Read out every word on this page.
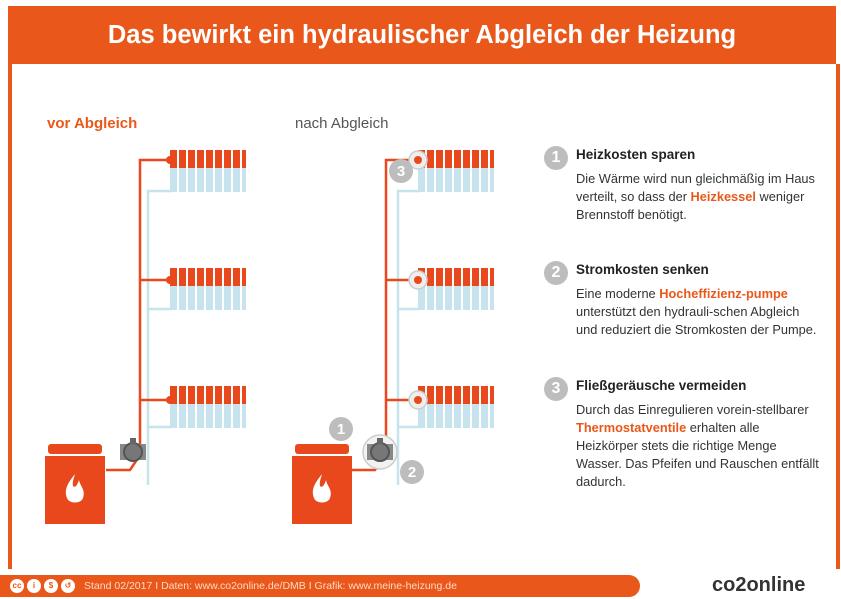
Das bewirkt ein hydraulischer Abgleich der Heizung
vor Abgleich	nach Abgleich
1
2
3
1	Heizkosten sparen

Die Wärme wird nun gleichmäßig im Haus verteilt, so dass der Heizkessel weniger Brennstoff benötigt.

2	Stromkosten senken

Eine moderne Hocheffizienz-pumpe unterstützt den hydrauli-schen Abgleich und reduziert die Stromkosten der Pumpe.

3	Fließgeräusche vermeiden

Durch das Einregulieren vorein-stellbarer Thermostatventile erhalten alle Heizkörper stets die richtige Menge Wasser. Das Pfeifen und Rauschen entfällt dadurch.

cc	i	$	↺	Stand 02/2017 I Daten: www.co2online.de/DMB I Grafik: www.meine-heizung.de	co2online
